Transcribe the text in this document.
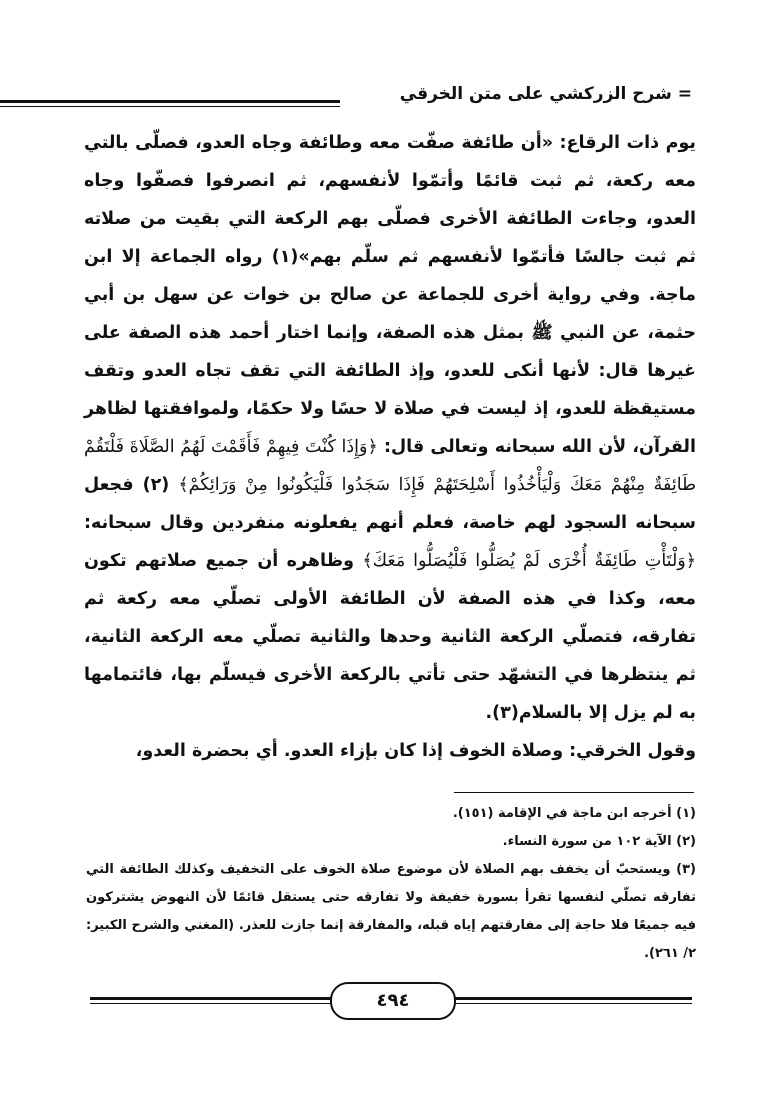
= شرح الزركشي على متن الخرقي

يوم ذات الرقاع: «أن طائفة صفّت معه وطائفة وجاه العدو، فصلّى بالتي معه ركعة، ثم ثبت قائمًا وأتمّوا لأنفسهم، ثم انصرفوا فصفّوا وجاه العدو، وجاءت الطائفة الأخرى فصلّى بهم الركعة التي بقيت من صلاته ثم ثبت جالسًا فأتمّوا لأنفسهم ثم سلّم بهم»(١) رواه الجماعة إلا ابن ماجة. وفي رواية أخرى للجماعة عن صالح بن خوات عن سهل بن أبي حثمة، عن النبي ﷺ بمثل هذه الصفة، وإنما اختار أحمد هذه الصفة على غيرها قال: لأنها أنكى للعدو، وإذ الطائفة التي تقف تجاه العدو وتقف مستيقظة للعدو، إذ ليست في صلاة لا حسًا ولا حكمًا، ولموافقتها لظاهر القرآن، لأن الله سبحانه وتعالى قال: ﴿وَإِذَا كُنْتَ فِيهِمْ فَأَقَمْتَ لَهُمُ الصَّلَاةَ فَلْتَقُمْ طَائِفَةٌ مِنْهُمْ مَعَكَ وَلْيَأْخُذُوا أَسْلِحَتَهُمْ فَإِذَا سَجَدُوا فَلْيَكُونُوا مِنْ وَرَائِكُمْ﴾ (٢) فجعل سبحانه السجود لهم خاصة، فعلم أنهم يفعلونه منفردين وقال سبحانه: ﴿وَلْتَأْتِ طَائِفَةٌ أُخْرَى لَمْ يُصَلُّوا فَلْيُصَلُّوا مَعَكَ﴾ وظاهره أن جميع صلاتهم تكون معه، وكذا في هذه الصفة لأن الطائفة الأولى تصلّي معه ركعة ثم تفارقه، فتصلّي الركعة الثانية وحدها والثانية تصلّي معه الركعة الثانية، ثم ينتظرها في التشهّد حتى تأتي بالركعة الأخرى فيسلّم بها، فائتمامها به لم يزل إلا بالسلام(٣).

وقول الخرقي: وصلاة الخوف إذا كان بإزاء العدو. أي بحضرة العدو،

(١) أخرجه ابن ماجة في الإقامة (١٥١).

(٢) الآية ١٠٢ من سورة النساء.

(٣) ويستحبّ أن يخفف بهم الصلاة لأن موضوع صلاة الخوف على التخفيف وكذلك الطائفة التي تفارقه تصلّي لنفسها تقرأ بسورة خفيفة ولا تفارقه حتى يستقل قائمًا لأن النهوض يشتركون فيه جميعًا فلا حاجة إلى مفارقتهم إياه قبله، والمفارقة إنما جازت للعذر. (المغني والشرح الكبير: ٢/ ٢٦١).

٤٩٤
